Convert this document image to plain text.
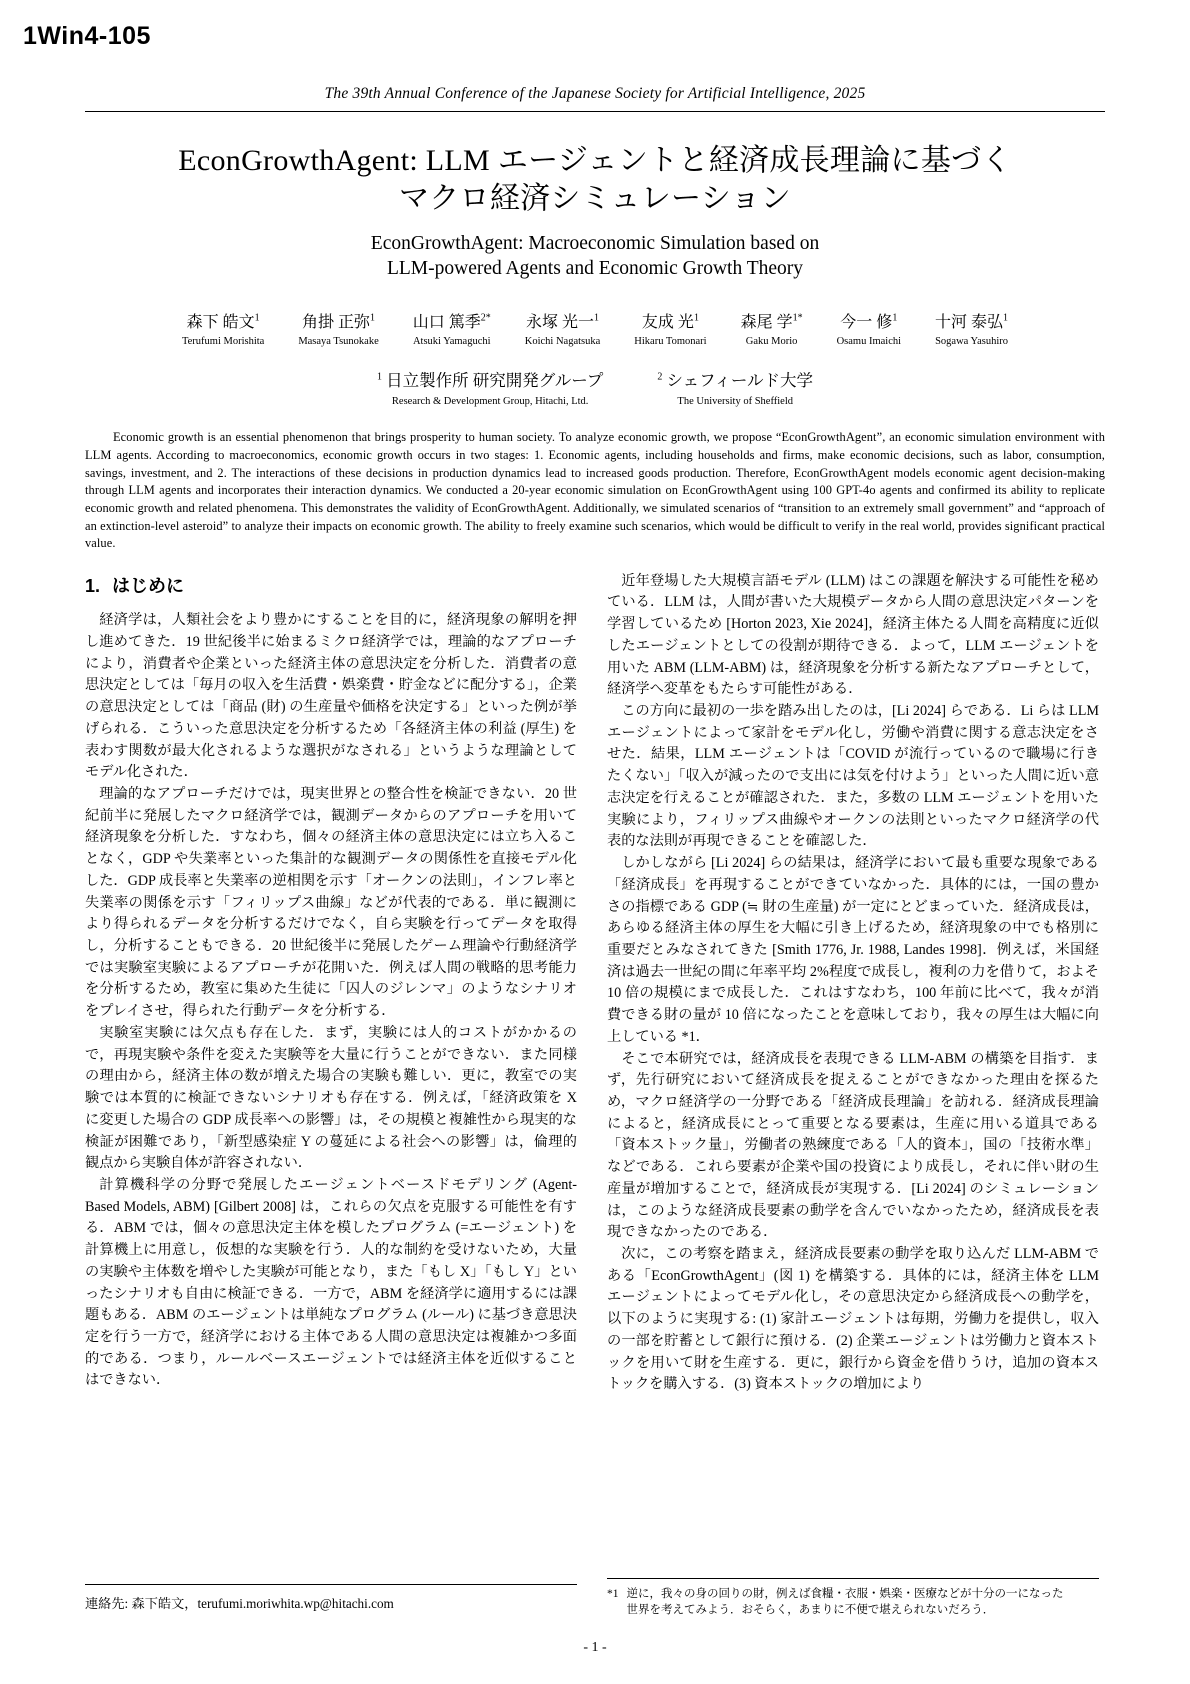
1Win4-105
The 39th Annual Conference of the Japanese Society for Artificial Intelligence, 2025
EconGrowthAgent: LLM エージェントと経済成長理論に基づく
マクロ経済シミュレーション
EconGrowthAgent: Macroeconomic Simulation based on
LLM-powered Agents and Economic Growth Theory
森下 皓文$^1$
Terufumi Morishita
角掛 正弥$^1$
Masaya Tsunokake
山口 篤季$^{2*}$
Atsuki Yamaguchi
永塚 光一$^1$
Koichi Nagatsuka
友成 光$^1$
Hikaru Tomonari
森尾 学$^{1*}$
Gaku Morio
今一 修$^1$
Osamu Imaichi
十河 泰弘$^1$
Sogawa Yasuhiro
$^1$ 日立製作所 研究開発グループ
Research & Development Group, Hitachi, Ltd.
$^2$ シェフィールド大学
The University of Sheffield
Economic growth is an essential phenomenon that brings prosperity to human society. To analyze economic growth, we propose “EconGrowthAgent”, an economic simulation environment with LLM agents. According to macroeconomics, economic growth occurs in two stages: 1. Economic agents, including households and firms, make economic decisions, such as labor, consumption, savings, investment, and 2. The interactions of these decisions in production dynamics lead to increased goods production. Therefore, EconGrowthAgent models economic agent decision-making through LLM agents and incorporates their interaction dynamics. We conducted a 20-year economic simulation on EconGrowthAgent using 100 GPT-4o agents and confirmed its ability to replicate economic growth and related phenomena. This demonstrates the validity of EconGrowthAgent. Additionally, we simulated scenarios of “transition to an extremely small government” and “approach of an extinction-level asteroid” to analyze their impacts on economic growth. The ability to freely examine such scenarios, which would be difficult to verify in the real world, provides significant practical value.
1. はじめに

経済学は，人類社会をより豊かにすることを目的に，経済現象の解明を押し進めてきた．19 世紀後半に始まるミクロ経済学では，理論的なアプローチにより，消費者や企業といった経済主体の意思決定を分析した．消費者の意思決定としては「毎月の収入を生活費・娯楽費・貯金などに配分する」，企業の意思決定としては「商品 (財) の生産量や価格を決定する」といった例が挙げられる．こういった意思決定を分析するため「各経済主体の利益 (厚生) を表わす関数が最大化されるような選択がなされる」というような理論としてモデル化された．

理論的なアプローチだけでは，現実世界との整合性を検証できない．20 世紀前半に発展したマクロ経済学では，観測データからのアプローチを用いて経済現象を分析した．すなわち，個々の経済主体の意思決定には立ち入ることなく，GDP や失業率といった集計的な観測データの関係性を直接モデル化した．GDP 成長率と失業率の逆相関を示す「オークンの法則」，インフレ率と失業率の関係を示す「フィリップス曲線」などが代表的である．単に観測により得られるデータを分析するだけでなく，自ら実験を行ってデータを取得し，分析することもできる．20 世紀後半に発展したゲーム理論や行動経済学では実験室実験によるアプローチが花開いた．例えば人間の戦略的思考能力を分析するため，教室に集めた生徒に「囚人のジレンマ」のようなシナリオをプレイさせ，得られた行動データを分析する．

実験室実験には欠点も存在した．まず，実験には人的コストがかかるので，再現実験や条件を変えた実験等を大量に行うことができない．また同様の理由から，経済主体の数が増えた場合の実験も難しい．更に，教室での実験では本質的に検証できないシナリオも存在する．例えば，「経済政策を X に変更した場合の GDP 成長率への影響」は，その規模と複雑性から現実的な検証が困難であり，「新型感染症 Y の蔓延による社会への影響」は，倫理的観点から実験自体が許容されない．

計算機科学の分野で発展したエージェントベースドモデリング (Agent-Based Models, ABM) [Gilbert 2008] は，これらの欠点を克服する可能性を有する．ABM では，個々の意思決定主体を模したプログラム (=エージェント) を計算機上に用意し，仮想的な実験を行う．人的な制約を受けないため，大量の実験や主体数を増やした実験が可能となり，また「もし X」「もし Y」といったシナリオも自由に検証できる．一方で，ABM を経済学に適用するには課題もある．ABM のエージェントは単純なプログラム (ルール) に基づき意思決定を行う一方で，経済学における主体である人間の意思決定は複雑かつ多面的である．つまり，ルールベースエージェントでは経済主体を近似することはできない．

近年登場した大規模言語モデル (LLM) はこの課題を解決する可能性を秘めている．LLM は，人間が書いた大規模データから人間の意思決定パターンを学習しているため [Horton 2023, Xie 2024]，経済主体たる人間を高精度に近似したエージェントとしての役割が期待できる．よって，LLM エージェントを用いた ABM (LLM-ABM) は，経済現象を分析する新たなアプローチとして，経済学へ変革をもたらす可能性がある．

この方向に最初の一歩を踏み出したのは，[Li 2024] らである．Li らは LLM エージェントによって家計をモデル化し，労働や消費に関する意志決定をさせた．結果，LLM エージェントは「COVID が流行っているので職場に行きたくない」「収入が減ったので支出には気を付けよう」といった人間に近い意志決定を行えることが確認された．また，多数の LLM エージェントを用いた実験により，フィリップス曲線やオークンの法則といったマクロ経済学の代表的な法則が再現できることを確認した．

しかしながら [Li 2024] らの結果は，経済学において最も重要な現象である「経済成長」を再現することができていなかった．具体的には，一国の豊かさの指標である GDP (≒ 財の生産量) が一定にとどまっていた．経済成長は，あらゆる経済主体の厚生を大幅に引き上げるため，経済現象の中でも格別に重要だとみなされてきた [Smith 1776, Jr. 1988, Landes 1998]．例えば，米国経済は過去一世紀の間に年率平均 2%程度で成長し，複利の力を借りて，およそ 10 倍の規模にまで成長した．これはすなわち，100 年前に比べて，我々が消費できる財の量が 10 倍になったことを意味しており，我々の厚生は大幅に向上している *1．

そこで本研究では，経済成長を表現できる LLM-ABM の構築を目指す．まず，先行研究において経済成長を捉えることができなかった理由を探るため，マクロ経済学の一分野である「経済成長理論」を訪れる．経済成長理論によると，経済成長にとって重要となる要素は，生産に用いる道具である「資本ストック量」，労働者の熟練度である「人的資本」，国の「技術水準」などである．これら要素が企業や国の投資により成長し，それに伴い財の生産量が増加することで，経済成長が実現する．[Li 2024] のシミュレーションは，このような経済成長要素の動学を含んでいなかったため，経済成長を表現できなかったのである．

次に，この考察を踏まえ，経済成長要素の動学を取り込んだ LLM-ABM である「EconGrowthAgent」(図 1) を構築する．具体的には，経済主体を LLM エージェントによってモデル化し，その意思決定から経済成長への動学を，以下のように実現する: (1) 家計エージェントは毎期，労働力を提供し，収入の一部を貯蓄として銀行に預ける．(2) 企業エージェントは労働力と資本ストックを用いて財を生産する．更に，銀行から資金を借りうけ，追加の資本ストックを購入する．(3) 資本ストックの増加により

連絡先: 森下皓文，terufumi.moriwhita.wp@hitachi.com
*1 逆に，我々の身の回りの財，例えば食糧・衣服・娯楽・医療などが十分の一になった世界を考えてみよう．おそらく，あまりに不便で堪えられないだろう．
- 1 -
